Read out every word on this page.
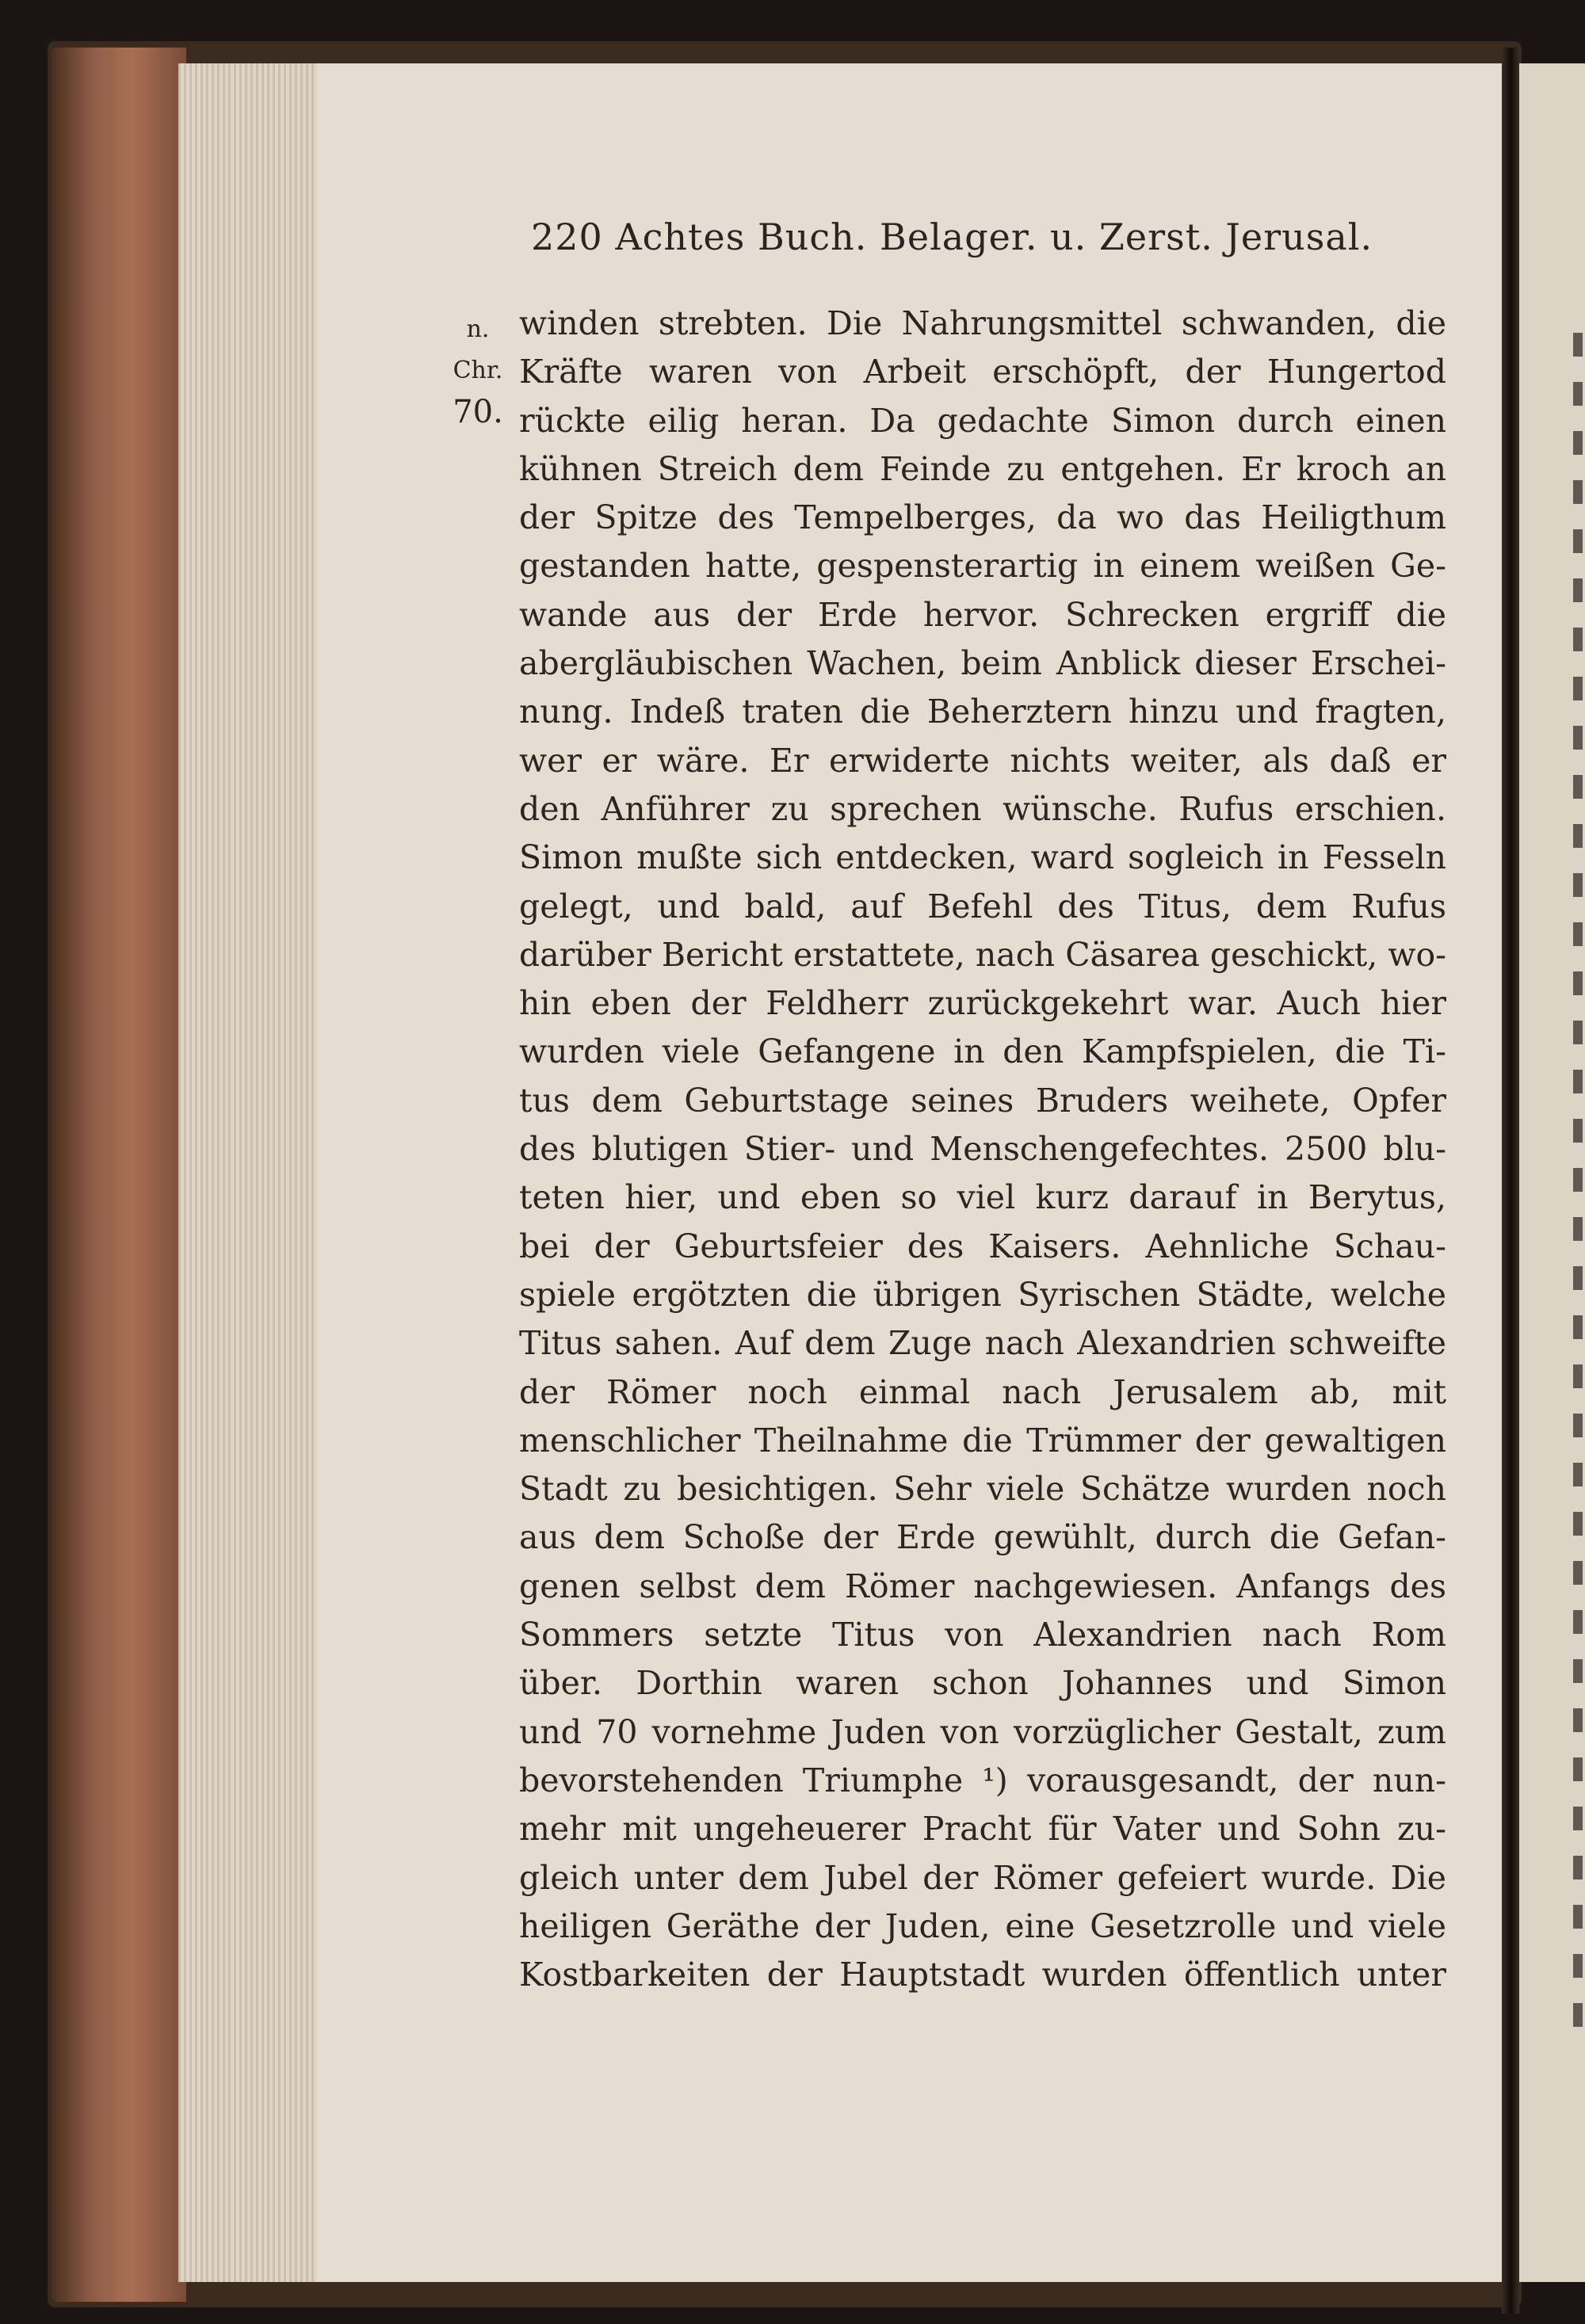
220 Achtes Buch. Belager. u. Zerst. Jerusal.
n. Chr.
70.
winden strebten. Die Nahrungsmittel schwanden, die
Kräfte waren von Arbeit erschöpft, der Hungertod
rückte eilig heran. Da gedachte Simon durch einen
kühnen Streich dem Feinde zu entgehen. Er kroch an
der Spitze des Tempelberges, da wo das Heiligthum
gestanden hatte, gespensterartig in einem weißen Ge-
wande aus der Erde hervor. Schrecken ergriff die
abergläubischen Wachen, beim Anblick dieser Erschei-
nung. Indeß traten die Beherztern hinzu und fragten,
wer er wäre. Er erwiderte nichts weiter, als daß er
den Anführer zu sprechen wünsche. Rufus erschien.
Simon mußte sich entdecken, ward sogleich in Fesseln
gelegt, und bald, auf Befehl des Titus, dem Rufus
darüber Bericht erstattete, nach Cäsarea geschickt, wo-
hin eben der Feldherr zurückgekehrt war. Auch hier
wurden viele Gefangene in den Kampfspielen, die Ti-
tus dem Geburtstage seines Bruders weihete, Opfer
des blutigen Stier- und Menschengefechtes. 2500 blu-
teten hier, und eben so viel kurz darauf in Berytus,
bei der Geburtsfeier des Kaisers. Aehnliche Schau-
spiele ergötzten die übrigen Syrischen Städte, welche
Titus sahen. Auf dem Zuge nach Alexandrien schweifte
der Römer noch einmal nach Jerusalem ab, mit
menschlicher Theilnahme die Trümmer der gewaltigen
Stadt zu besichtigen. Sehr viele Schätze wurden noch
aus dem Schoße der Erde gewühlt, durch die Gefan-
genen selbst dem Römer nachgewiesen. Anfangs des
Sommers setzte Titus von Alexandrien nach Rom
über. Dorthin waren schon Johannes und Simon
und 70 vornehme Juden von vorzüglicher Gestalt, zum
bevorstehenden Triumphe ¹) vorausgesandt, der nun-
mehr mit ungeheuerer Pracht für Vater und Sohn zu-
gleich unter dem Jubel der Römer gefeiert wurde. Die
heiligen Geräthe der Juden, eine Gesetzrolle und viele
Kostbarkeiten der Hauptstadt wurden öffentlich unter
